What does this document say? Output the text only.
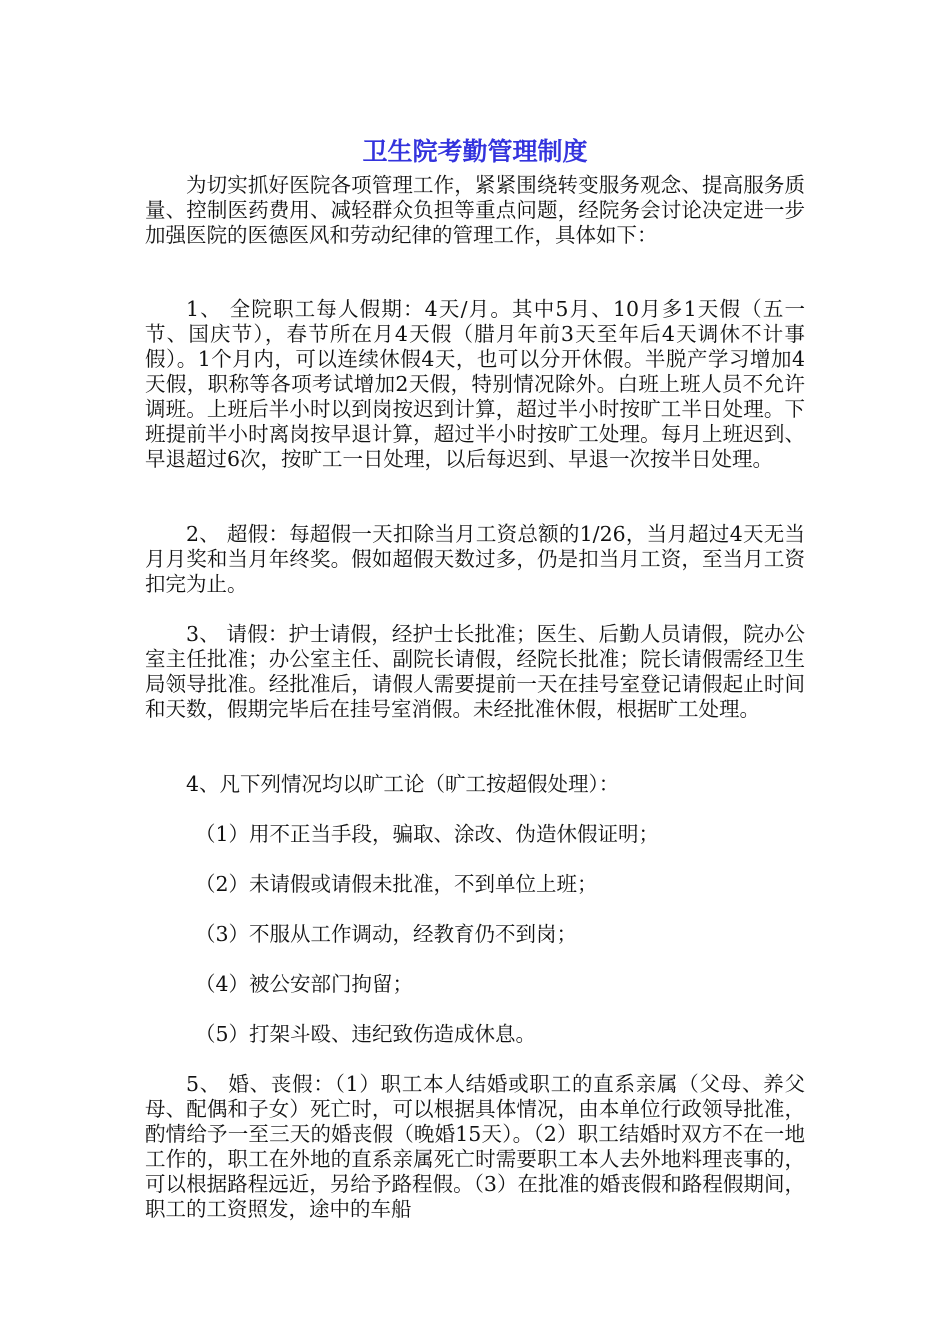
卫生院考勤管理制度

为切实抓好医院各项管理工作，紧紧围绕转变服务观念、提高服务质量、控制医药费用、减轻群众负担等重点问题，经院务会讨论决定进一步加强医院的医德医风和劳动纪律的管理工作，具体如下：

1、 全院职工每人假期：4天/月。其中5月、10月多1天假（五一节、国庆节），春节所在月4天假（腊月年前3天至年后4天调休不计事假）。1个月内，可以连续休假4天，也可以分开休假。半脱产学习增加4天假，职称等各项考试增加2天假，特别情况除外。白班上班人员不允许调班。上班后半小时以到岗按迟到计算，超过半小时按旷工半日处理。下班提前半小时离岗按早退计算，超过半小时按旷工处理。每月上班迟到、早退超过6次，按旷工一日处理，以后每迟到、早退一次按半日处理。

2、 超假：每超假一天扣除当月工资总额的1/26，当月超过4天无当月月奖和当月年终奖。假如超假天数过多，仍是扣当月工资，至当月工资扣完为止。

3、 请假：护士请假，经护士长批准；医生、后勤人员请假，院办公室主任批准；办公室主任、副院长请假，经院长批准；院长请假需经卫生局领导批准。经批准后，请假人需要提前一天在挂号室登记请假起止时间和天数，假期完毕后在挂号室消假。未经批准休假，根据旷工处理。

4、凡下列情况均以旷工论（旷工按超假处理）：

（1）用不正当手段，骗取、涂改、伪造休假证明；

（2）未请假或请假未批准，不到单位上班；

（3）不服从工作调动，经教育仍不到岗；

（4）被公安部门拘留；

（5）打架斗殴、违纪致伤造成休息。

5、 婚、丧假：（1）职工本人结婚或职工的直系亲属（父母、养父母、配偶和子女）死亡时，可以根据具体情况，由本单位行政领导批准，酌情给予一至三天的婚丧假（晚婚15天）。（2）职工结婚时双方不在一地工作的，职工在外地的直系亲属死亡时需要职工本人去外地料理丧事的，可以根据路程远近，另给予路程假。（3）在批准的婚丧假和路程假期间，职工的工资照发，途中的车船
